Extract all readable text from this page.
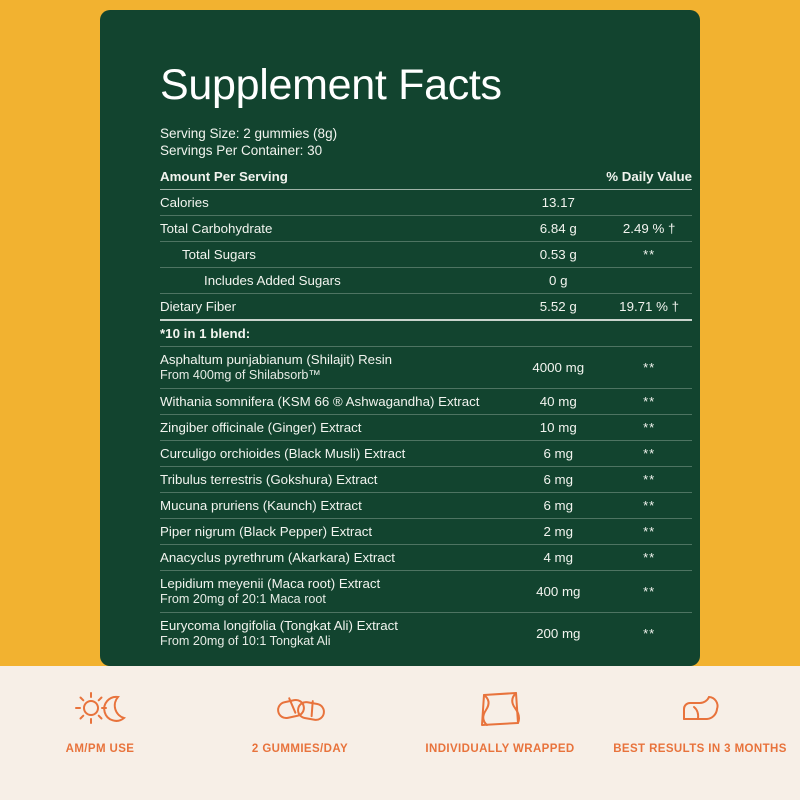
Supplement Facts
Serving Size: 2 gummies (8g)
Servings Per Container: 30
Amount Per Serving		% Daily Value
Calories	13.17	
Total Carbohydrate	6.84 g	2.49 % †
Total Sugars	0.53 g	**
Includes Added Sugars	0 g	
Dietary Fiber	5.52 g	19.71 % †
*10 in 1 blend:		

Asphaltum punjabianum (Shilajit) Resin
From 400mg of Shilabsorb™	4000 mg	**
Withania somnifera (KSM 66 ® Ashwagandha) Extract	40 mg	**
Zingiber officinale (Ginger) Extract	10 mg	**
Curculigo orchioides (Black Musli) Extract	6 mg	**
Tribulus terrestris (Gokshura) Extract	6 mg	**
Mucuna pruriens (Kaunch) Extract	6 mg	**
Piper nigrum (Black Pepper) Extract	2 mg	**
Anacyclus pyrethrum (Akarkara) Extract	4 mg	**

Lepidium meyenii (Maca root) Extract
From 20mg of 20:1 Maca root	400 mg	**

Eurycoma longifolia (Tongkat Ali) Extract
From 20mg of 10:1 Tongkat Ali	200 mg	**

AM/PM USE	2 GUMMIES/DAY	INDIVIDUALLY WRAPPED	BEST RESULTS IN 3 MONTHS
